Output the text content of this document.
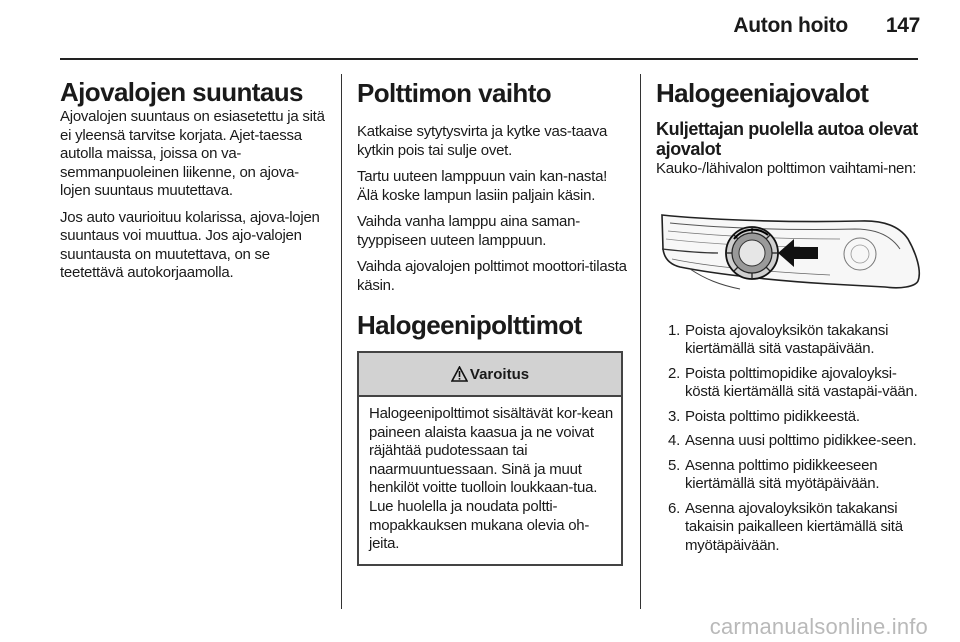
Auton hoito 147
Ajovalojen suuntaus

Ajovalojen suuntaus on esiasetettu ja sitä ei yleensä tarvitse korjata. Ajet-taessa autolla maissa, joissa on va-semmanpuoleinen liikenne, on ajova-lojen suuntaus muutettava.

Jos auto vaurioituu kolarissa, ajova-lojen suuntaus voi muuttua. Jos ajo-valojen suuntausta on muutettava, on se teetettävä autokorjaamolla.

Polttimon vaihto

Katkaise sytytysvirta ja kytke vas-taava kytkin pois tai sulje ovet.

Tartu uuteen lamppuun vain kan-nasta! Älä koske lampun lasiin paljain käsin.

Vaihda vanha lamppu aina saman-tyyppiseen uuteen lamppuun.

Vaihda ajovalojen polttimot moottori-tilasta käsin.

Halogeenipolttimot
Varoitus

Halogeenipolttimot sisältävät kor-kean paineen alaista kaasua ja ne voivat räjähtää pudotessaan tai naarmuuntuessaan. Sinä ja muut henkilöt voitte tuolloin loukkaan-tua. Lue huolella ja noudata poltti-mopakkauksen mukana olevia oh-jeita.

Halogeeniajovalot
Kuljettajan puolella autoa olevat ajovalot

Kauko-/lähivalon polttimon vaihtami-nen:

1. Poista ajovaloyksikön takakansi kiertämällä sitä vastapäivään.
2. Poista polttimopidike ajovaloyksi-köstä kiertämällä sitä vastapäi-vään.
3. Poista polttimo pidikkeestä.
4. Asenna uusi polttimo pidikkee-seen.
5. Asenna polttimo pidikkeeseen kiertämällä sitä myötäpäivään.
6. Asenna ajovaloyksikön takakansi takaisin paikalleen kiertämällä sitä myötäpäivään.
carmanualsonline.info
